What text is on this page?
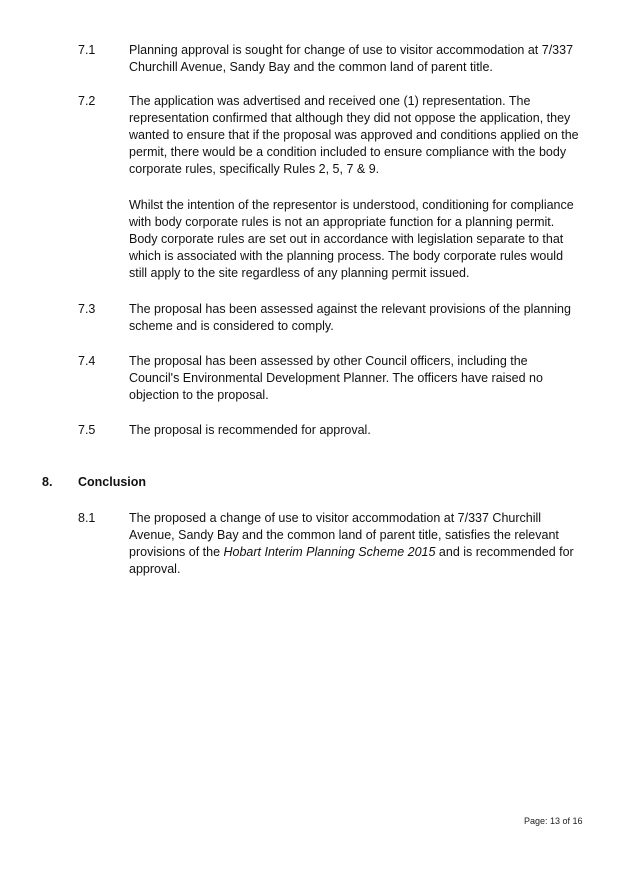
7.1	Planning approval is sought for change of use to visitor accommodation at 7/337 Churchill Avenue, Sandy Bay and the common land of parent title.
7.2	The application was advertised and received one (1) representation. The representation confirmed that although they did not oppose the application, they wanted to ensure that if the proposal was approved and conditions applied on the permit, there would be a condition included to ensure compliance with the body corporate rules, specifically Rules 2, 5, 7 & 9.

Whilst the intention of the representor is understood, conditioning for compliance with body corporate rules is not an appropriate function for a planning permit. Body corporate rules are set out in accordance with legislation separate to that which is associated with the planning process. The body corporate rules would still apply to the site regardless of any planning permit issued.

7.3	The proposal has been assessed against the relevant provisions of the planning scheme and is considered to comply.
7.4	The proposal has been assessed by other Council officers, including the Council's Environmental Development Planner. The officers have raised no objection to the proposal.
7.5	The proposal is recommended for approval.
8. Conclusion
8.1	The proposed a change of use to visitor accommodation at 7/337 Churchill Avenue, Sandy Bay and the common land of parent title, satisfies the relevant provisions of the Hobart Interim Planning Scheme 2015 and is recommended for approval.
Page: 13 of 16
